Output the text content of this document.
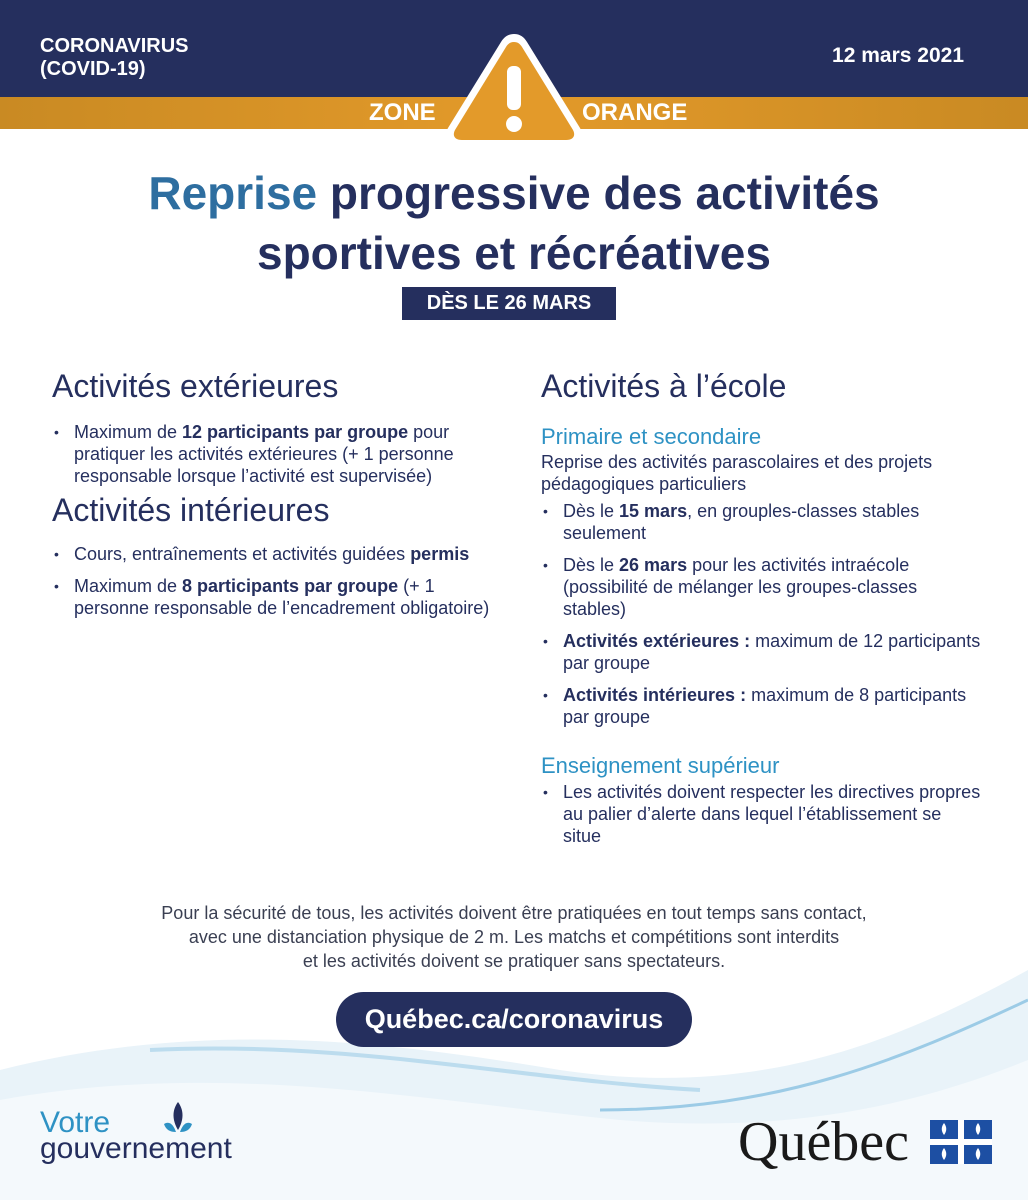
CORONAVIRUS
(COVID-19)
12 mars 2021
ZONE	ORANGE
Reprise progressive des activités
sportives et récréatives
DÈS LE 26 MARS
Activités extérieures
• Maximum de 12 participants par groupe pour pratiquer les activités extérieures (+ 1 personne responsable lorsque l’activité est supervisée)
Activités intérieures
• Cours, entraînements et activités guidées permis
• Maximum de 8 participants par groupe (+ 1 personne responsable de l’encadrement obligatoire)
Activités à l’école
Primaire et secondaire
Reprise des activités parascolaires et des projets pédagogiques particuliers
• Dès le 15 mars, en grouples-classes stables seulement
• Dès le 26 mars pour les activités intraécole (possibilité de mélanger les groupes-classes stables)
• Activités extérieures : maximum de 12 participants par groupe
• Activités intérieures : maximum de 8 participants par groupe
Enseignement supérieur
• Les activités doivent respecter les directives propres au palier d’alerte dans lequel l’établissement se situe
Pour la sécurité de tous, les activités doivent être pratiquées en tout temps sans contact,
avec une distanciation physique de 2 m. Les matchs et compétitions sont interdits
et les activités doivent se pratiquer sans spectateurs.
Québec.ca/coronavirus
Votre
gouvernement	Québec
